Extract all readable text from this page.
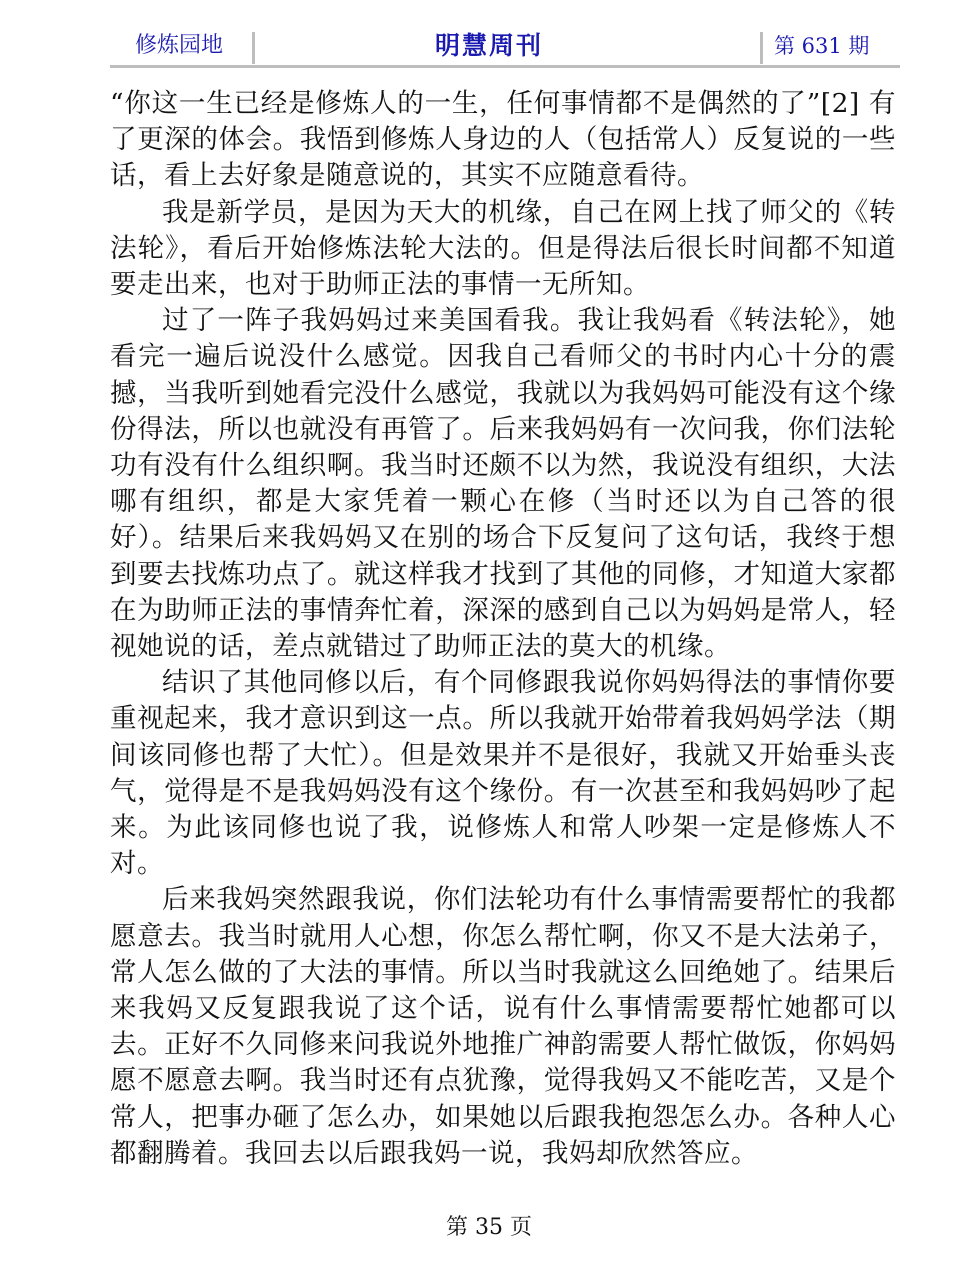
修炼园地	明慧周刊	第 631 期

“你这一生已经是修炼人的一生，任何事情都不是偶然的了”[2] 有了更深的体会。我悟到修炼人身边的人（包括常人）反复说的一些话，看上去好象是随意说的，其实不应随意看待。

我是新学员，是因为天大的机缘，自己在网上找了师父的《转法轮》，看后开始修炼法轮大法的。但是得法后很长时间都不知道要走出来，也对于助师正法的事情一无所知。

过了一阵子我妈妈过来美国看我。我让我妈看《转法轮》，她看完一遍后说没什么感觉。因我自己看师父的书时内心十分的震撼，当我听到她看完没什么感觉，我就以为我妈妈可能没有这个缘份得法，所以也就没有再管了。后来我妈妈有一次问我，你们法轮功有没有什么组织啊。我当时还颇不以为然，我说没有组织，大法哪有组织，都是大家凭着一颗心在修（当时还以为自己答的很好）。结果后来我妈妈又在别的场合下反复问了这句话，我终于想到要去找炼功点了。就这样我才找到了其他的同修，才知道大家都在为助师正法的事情奔忙着，深深的感到自己以为妈妈是常人，轻视她说的话，差点就错过了助师正法的莫大的机缘。

结识了其他同修以后，有个同修跟我说你妈妈得法的事情你要重视起来，我才意识到这一点。所以我就开始带着我妈妈学法（期间该同修也帮了大忙）。但是效果并不是很好，我就又开始垂头丧气，觉得是不是我妈妈没有这个缘份。有一次甚至和我妈妈吵了起来。为此该同修也说了我，说修炼人和常人吵架一定是修炼人不对。

后来我妈突然跟我说，你们法轮功有什么事情需要帮忙的我都愿意去。我当时就用人心想，你怎么帮忙啊，你又不是大法弟子，常人怎么做的了大法的事情。所以当时我就这么回绝她了。结果后来我妈又反复跟我说了这个话，说有什么事情需要帮忙她都可以去。正好不久同修来问我说外地推广神韵需要人帮忙做饭，你妈妈愿不愿意去啊。我当时还有点犹豫，觉得我妈又不能吃苦，又是个常人，把事办砸了怎么办，如果她以后跟我抱怨怎么办。各种人心都翻腾着。我回去以后跟我妈一说，我妈却欣然答应。

第 35 页
